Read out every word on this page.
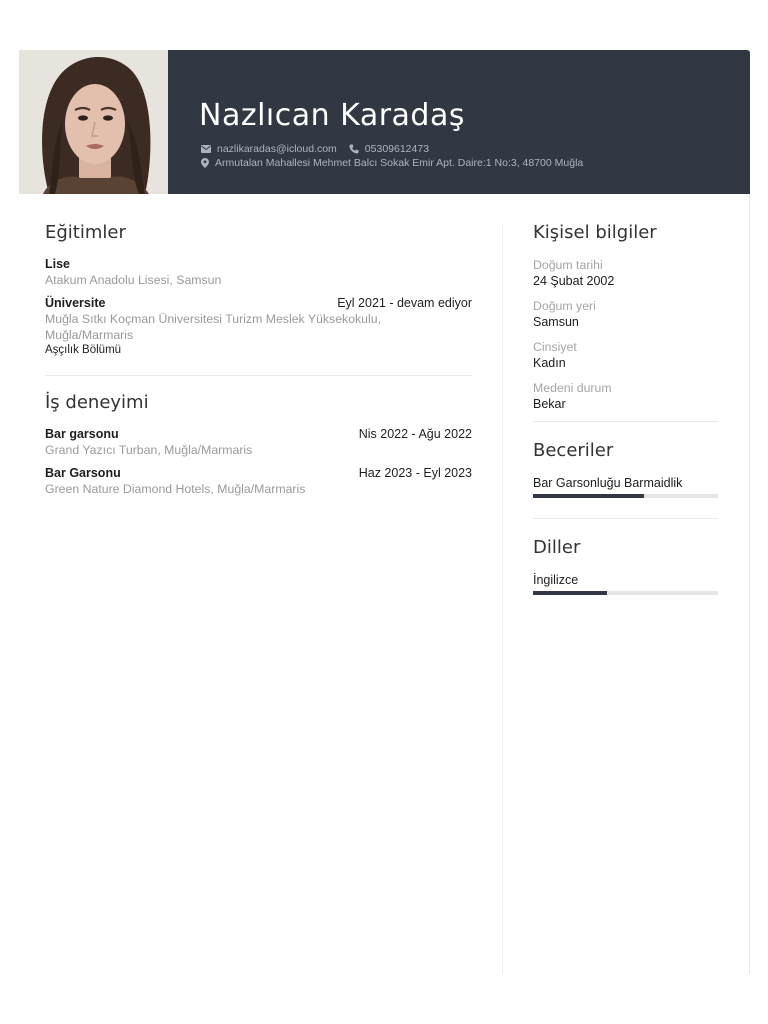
Nazlıcan Karadaş
nazlikaradas@icloud.com	05309612473
Armutalan Mahallesi Mehmet Balcı Sokak Emir Apt. Daire:1 No:3, 48700 Muğla
Eğitimler
Lise
Atakum Anadolu Lisesi, Samsun
Üniversite	Eyl 2021 - devam ediyor
Muğla Sıtkı Koçman Üniversitesi Turizm Meslek Yüksekokulu, Muğla/Marmaris
Aşçılık Bölümü
İş deneyimi
Bar garsonu	Nis 2022 - Ağu 2022
Grand Yazıcı Turban, Muğla/Marmaris
Bar Garsonu	Haz 2023 - Eyl 2023
Green Nature Diamond Hotels, Muğla/Marmaris
Kişisel bilgiler
Doğum tarihi
24 Şubat 2002
Doğum yeri
Samsun
Cinsiyet
Kadın
Medeni durum
Bekar
Beceriler
Bar Garsonluğu Barmaidlik
Diller
İngilizce
